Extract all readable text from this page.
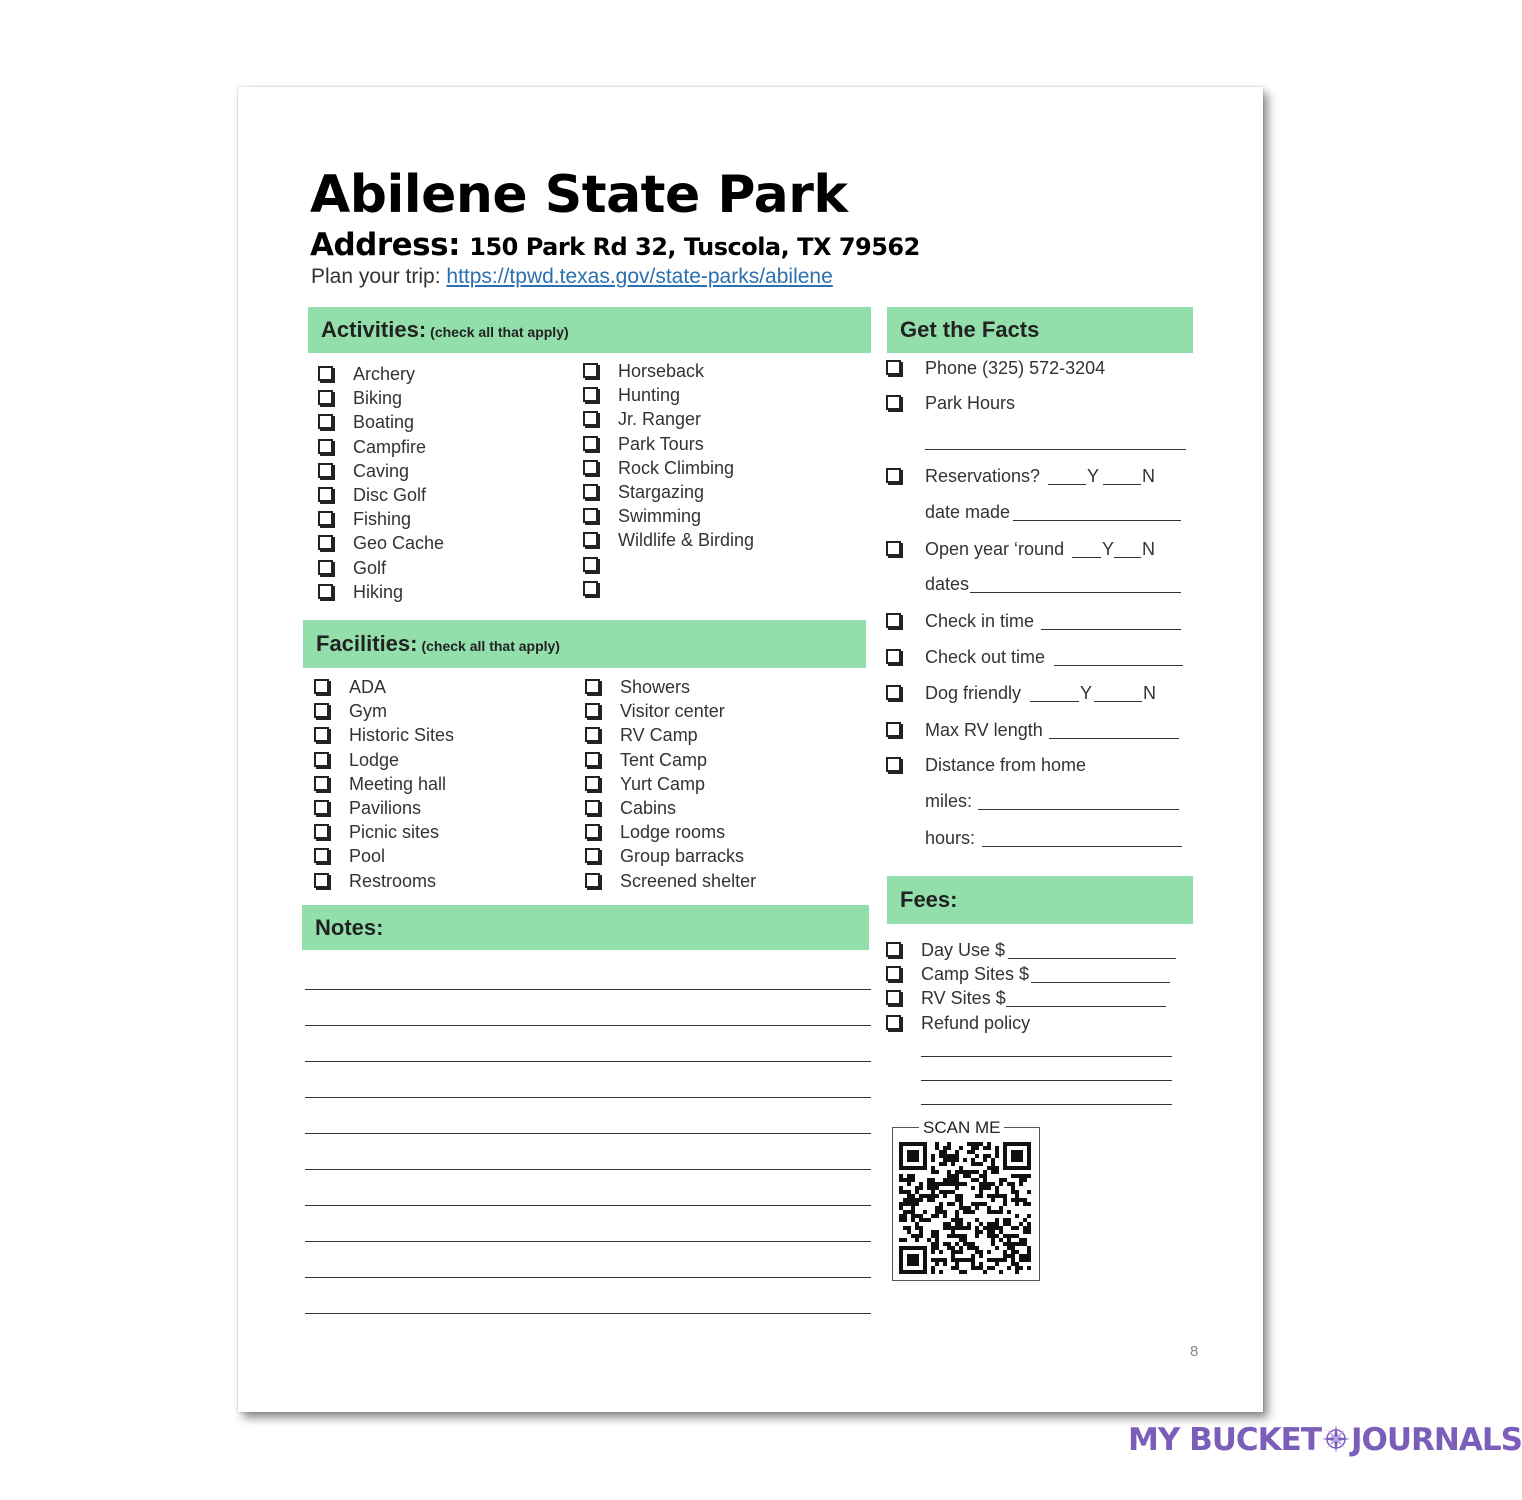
Abilene State Park
Address: 150 Park Rd 32, Tuscola, TX 79562
Plan your trip: https://tpwd.texas.gov/state-parks/abilene
Activities: (check all that apply)
Facilities: (check all that apply)
Notes:
Get the Facts
Phone (325) 572-3204
Park Hours
Reservations?	Y N
date made
Open year ‘round Y N
dates
Check in time
Check out time
Dog friendly	Y	N
Max RV length
Distance from home
miles:
hours:
Fees:
Day Use $
Camp Sites $
RV Sites $
Refund policy
SCAN ME
8
Archery
Biking
Boating
Campfire
Caving
Disc Golf
Fishing
Geo Cache
Golf
Hiking
Horseback
Hunting
Jr. Ranger
Park Tours
Rock Climbing
Stargazing
Swimming
Wildlife & Birding
ADA
Gym
Historic Sites
Lodge
Meeting hall
Pavilions
Picnic sites
Pool
Restrooms
Showers
Visitor center
RV Camp
Tent Camp
Yurt Camp
Cabins
Lodge rooms
Group barracks
Screened shelter
MY BUCKET JOURNALS
